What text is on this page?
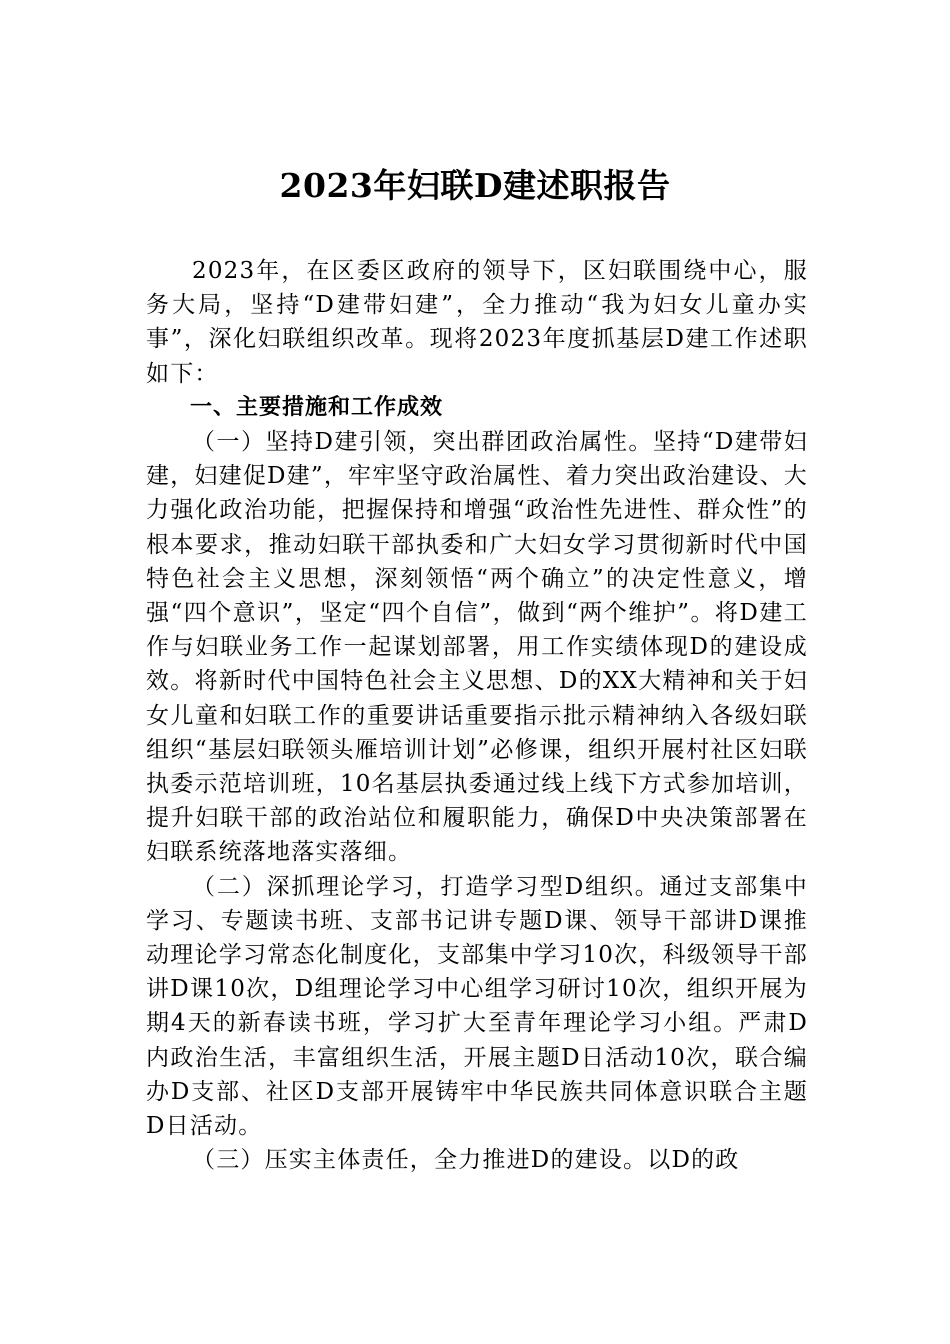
2023年妇联D建述职报告

2023年，在区委区政府的领导下，区妇联围绕中心，服务大局，坚持“D建带妇建”，全力推动“我为妇女儿童办实事”，深化妇联组织改革。现将2023年度抓基层D建工作述职如下：

一、主要措施和工作成效

（一）坚持D建引领，突出群团政治属性。坚持“D建带妇建，妇建促D建”，牢牢坚守政治属性、着力突出政治建设、大力强化政治功能，把握保持和增强“政治性先进性、群众性”的根本要求，推动妇联干部执委和广大妇女学习贯彻新时代中国特色社会主义思想，深刻领悟“两个确立”的决定性意义，增强“四个意识”，坚定“四个自信”，做到“两个维护”。将D建工作与妇联业务工作一起谋划部署，用工作实绩体现D的建设成效。将新时代中国特色社会主义思想、D的XX大精神和关于妇女儿童和妇联工作的重要讲话重要指示批示精神纳入各级妇联组织“基层妇联领头雁培训计划”必修课，组织开展村社区妇联执委示范培训班，10名基层执委通过线上线下方式参加培训，提升妇联干部的政治站位和履职能力，确保D中央决策部署在妇联系统落地落实落细。

（二）深抓理论学习，打造学习型D组织。通过支部集中学习、专题读书班、支部书记讲专题D课、领导干部讲D课推动理论学习常态化制度化，支部集中学习10次，科级领导干部讲D课10次，D组理论学习中心组学习研讨10次，组织开展为期4天的新春读书班，学习扩大至青年理论学习小组。严肃D内政治生活，丰富组织生活，开展主题D日活动10次，联合编办D支部、社区D支部开展铸牢中华民族共同体意识联合主题D日活动。

（三）压实主体责任，全力推进D的建设。以D的政
